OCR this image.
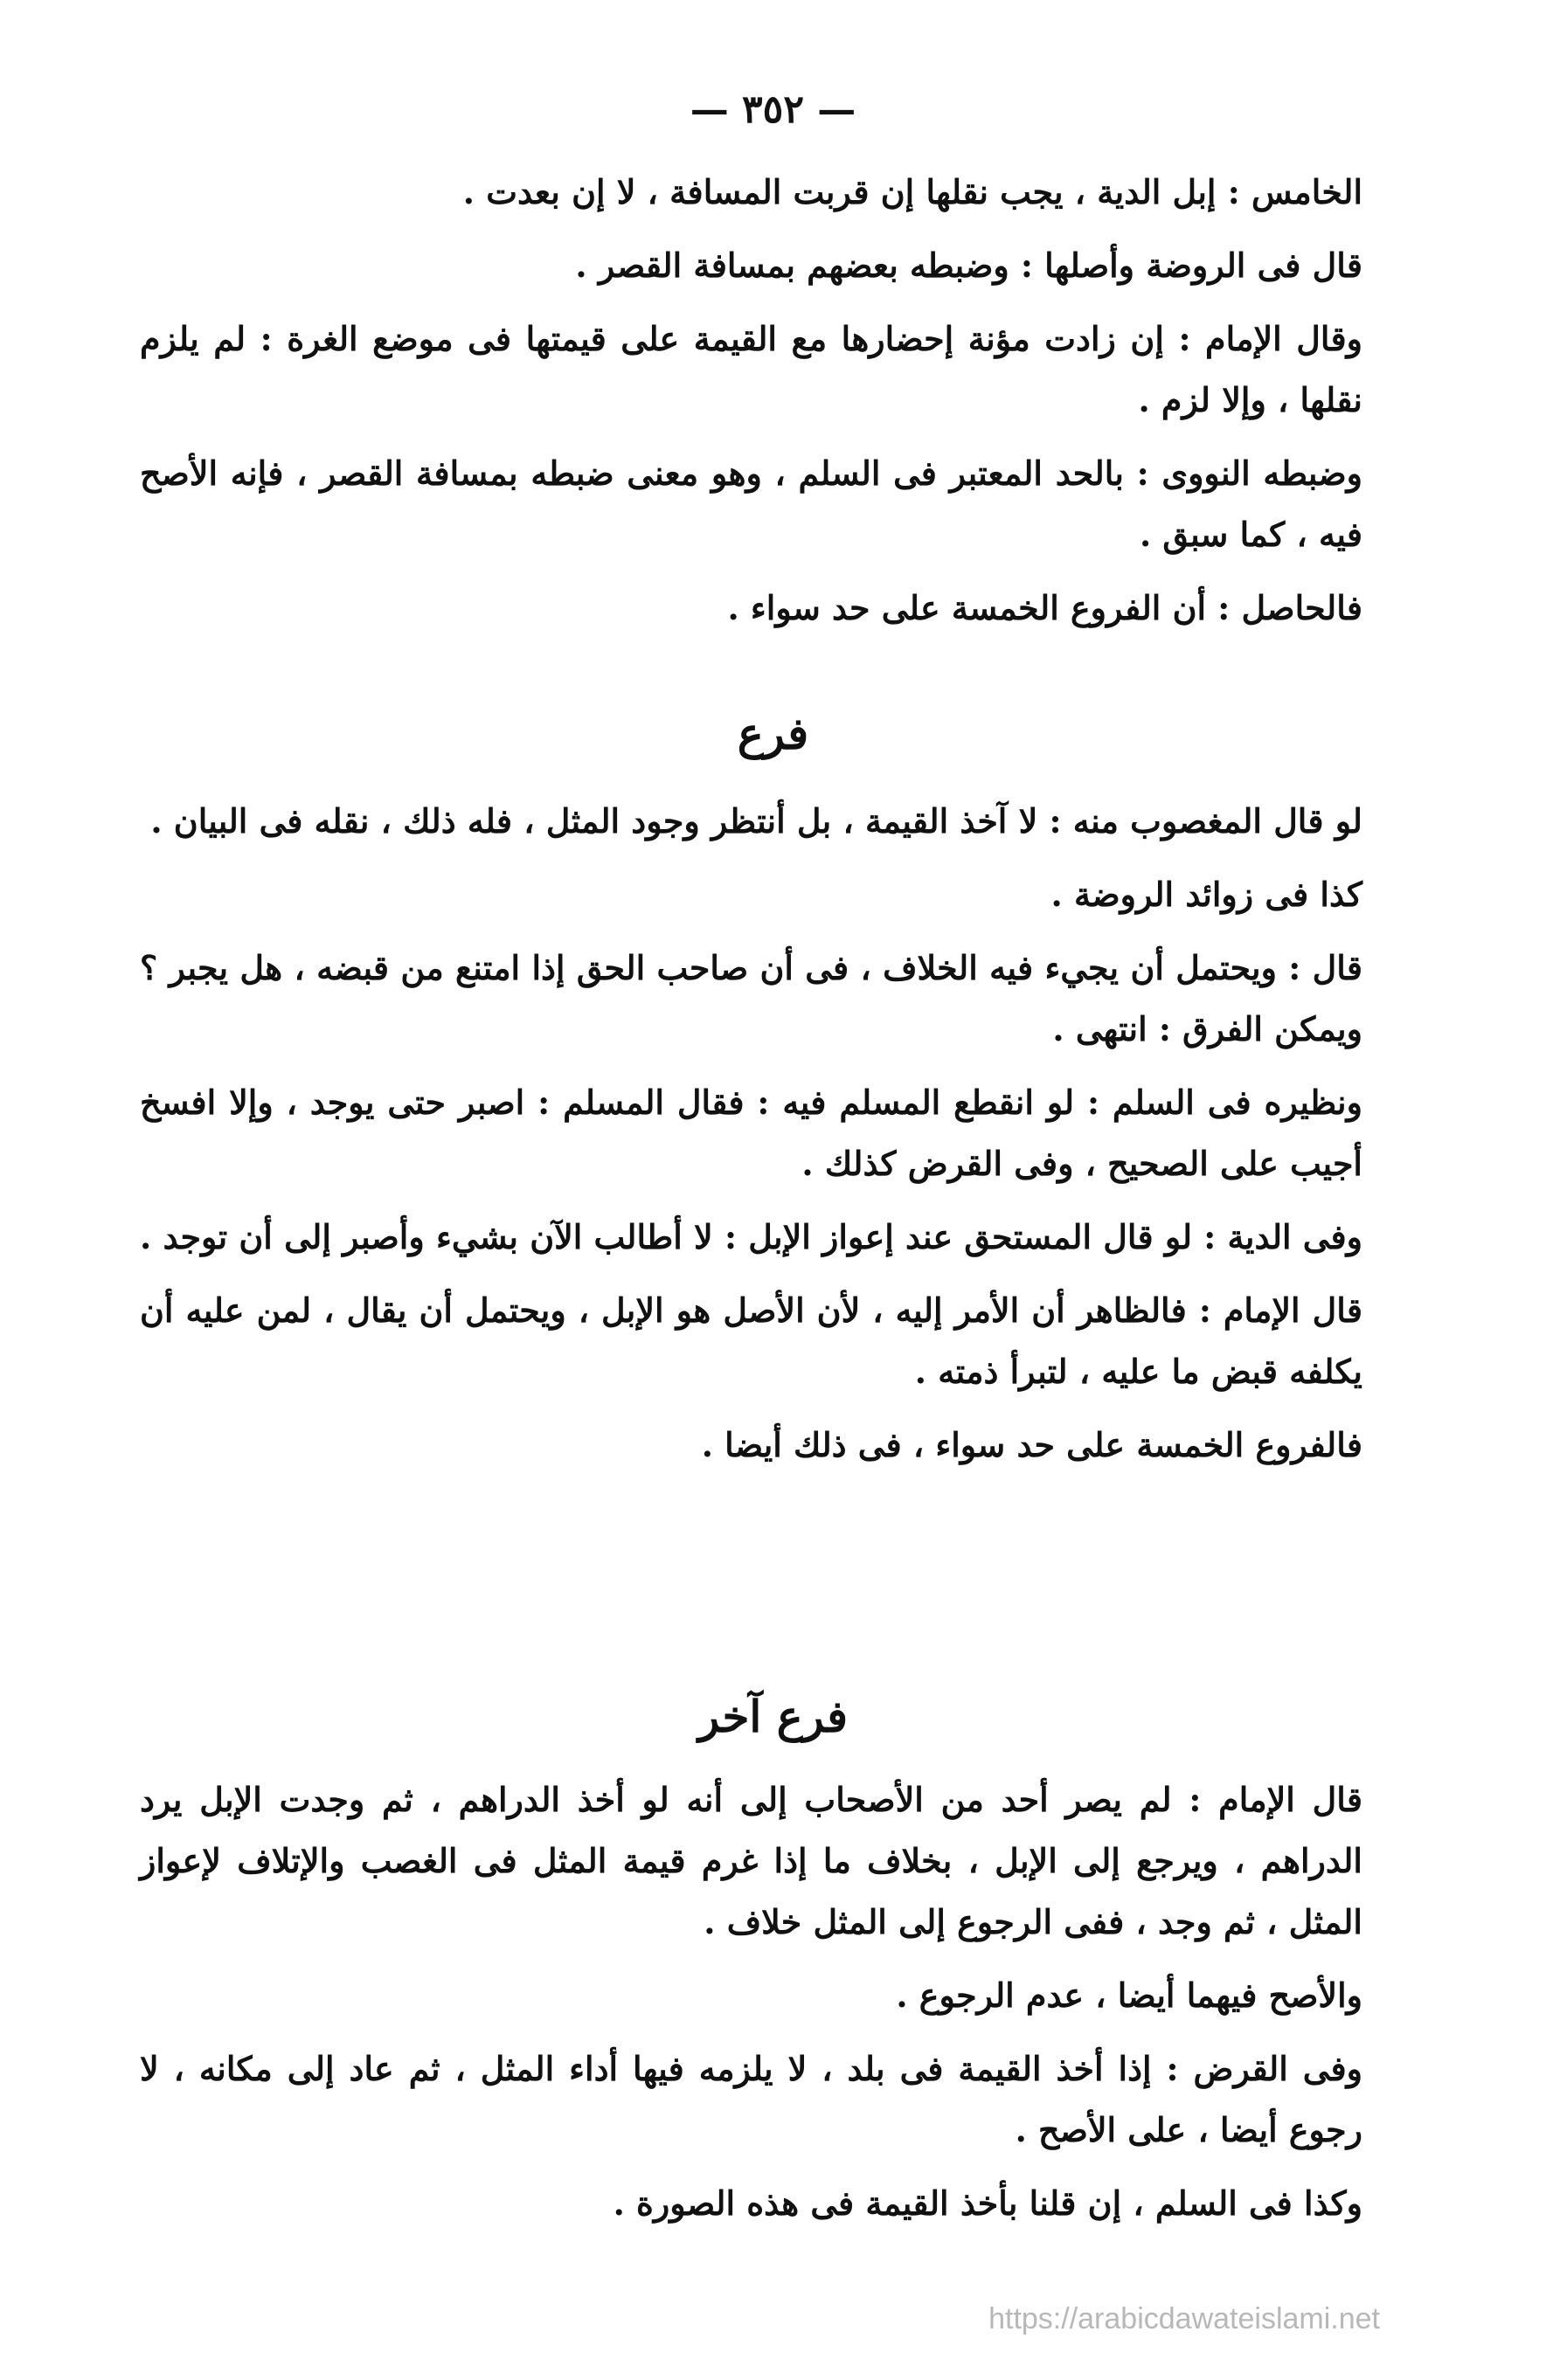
— ٣٥٢ —

الخامس : إبل الدية ، يجب نقلها إن قربت المسافة ، لا إن بعدت .

قال فى الروضة وأصلها : وضبطه بعضهم بمسافة القصر .

وقال الإمام : إن زادت مؤنة إحضارها مع القيمة على قيمتها فى موضع الغرة : لم يلزم نقلها ، وإلا لزم .

وضبطه النووى : بالحد المعتبر فى السلم ، وهو معنى ضبطه بمسافة القصر ، فإنه الأصح فيه ، كما سبق .

فالحاصل : أن الفروع الخمسة على حد سواء .

فرع

لو قال المغصوب منه : لا آخذ القيمة ، بل أنتظر وجود المثل ، فله ذلك ، نقله فى البيان .

كذا فى زوائد الروضة .

قال : ويحتمل أن يجيء فيه الخلاف ، فى أن صاحب الحق إذا امتنع من قبضه ، هل يجبر ؟ ويمكن الفرق : انتهى .

ونظيره فى السلم : لو انقطع المسلم فيه : فقال المسلم : اصبر حتى يوجد ، وإلا افسخ أجيب على الصحيح ، وفى القرض كذلك .

وفى الدية : لو قال المستحق عند إعواز الإبل : لا أطالب الآن بشيء وأصبر إلى أن توجد .

قال الإمام : فالظاهر أن الأمر إليه ، لأن الأصل هو الإبل ، ويحتمل أن يقال ، لمن عليه أن يكلفه قبض ما عليه ، لتبرأ ذمته .

فالفروع الخمسة على حد سواء ، فى ذلك أيضا .

فرع آخر

قال الإمام : لم يصر أحد من الأصحاب إلى أنه لو أخذ الدراهم ، ثم وجدت الإبل يرد الدراهم ، ويرجع إلى الإبل ، بخلاف ما إذا غرم قيمة المثل فى الغصب والإتلاف لإعواز المثل ، ثم وجد ، ففى الرجوع إلى المثل خلاف .

والأصح فيهما أيضا ، عدم الرجوع .

وفى القرض : إذا أخذ القيمة فى بلد ، لا يلزمه فيها أداء المثل ، ثم عاد إلى مكانه ، لا رجوع أيضا ، على الأصح .

وكذا فى السلم ، إن قلنا بأخذ القيمة فى هذه الصورة .

https://arabicdawateislami.net
